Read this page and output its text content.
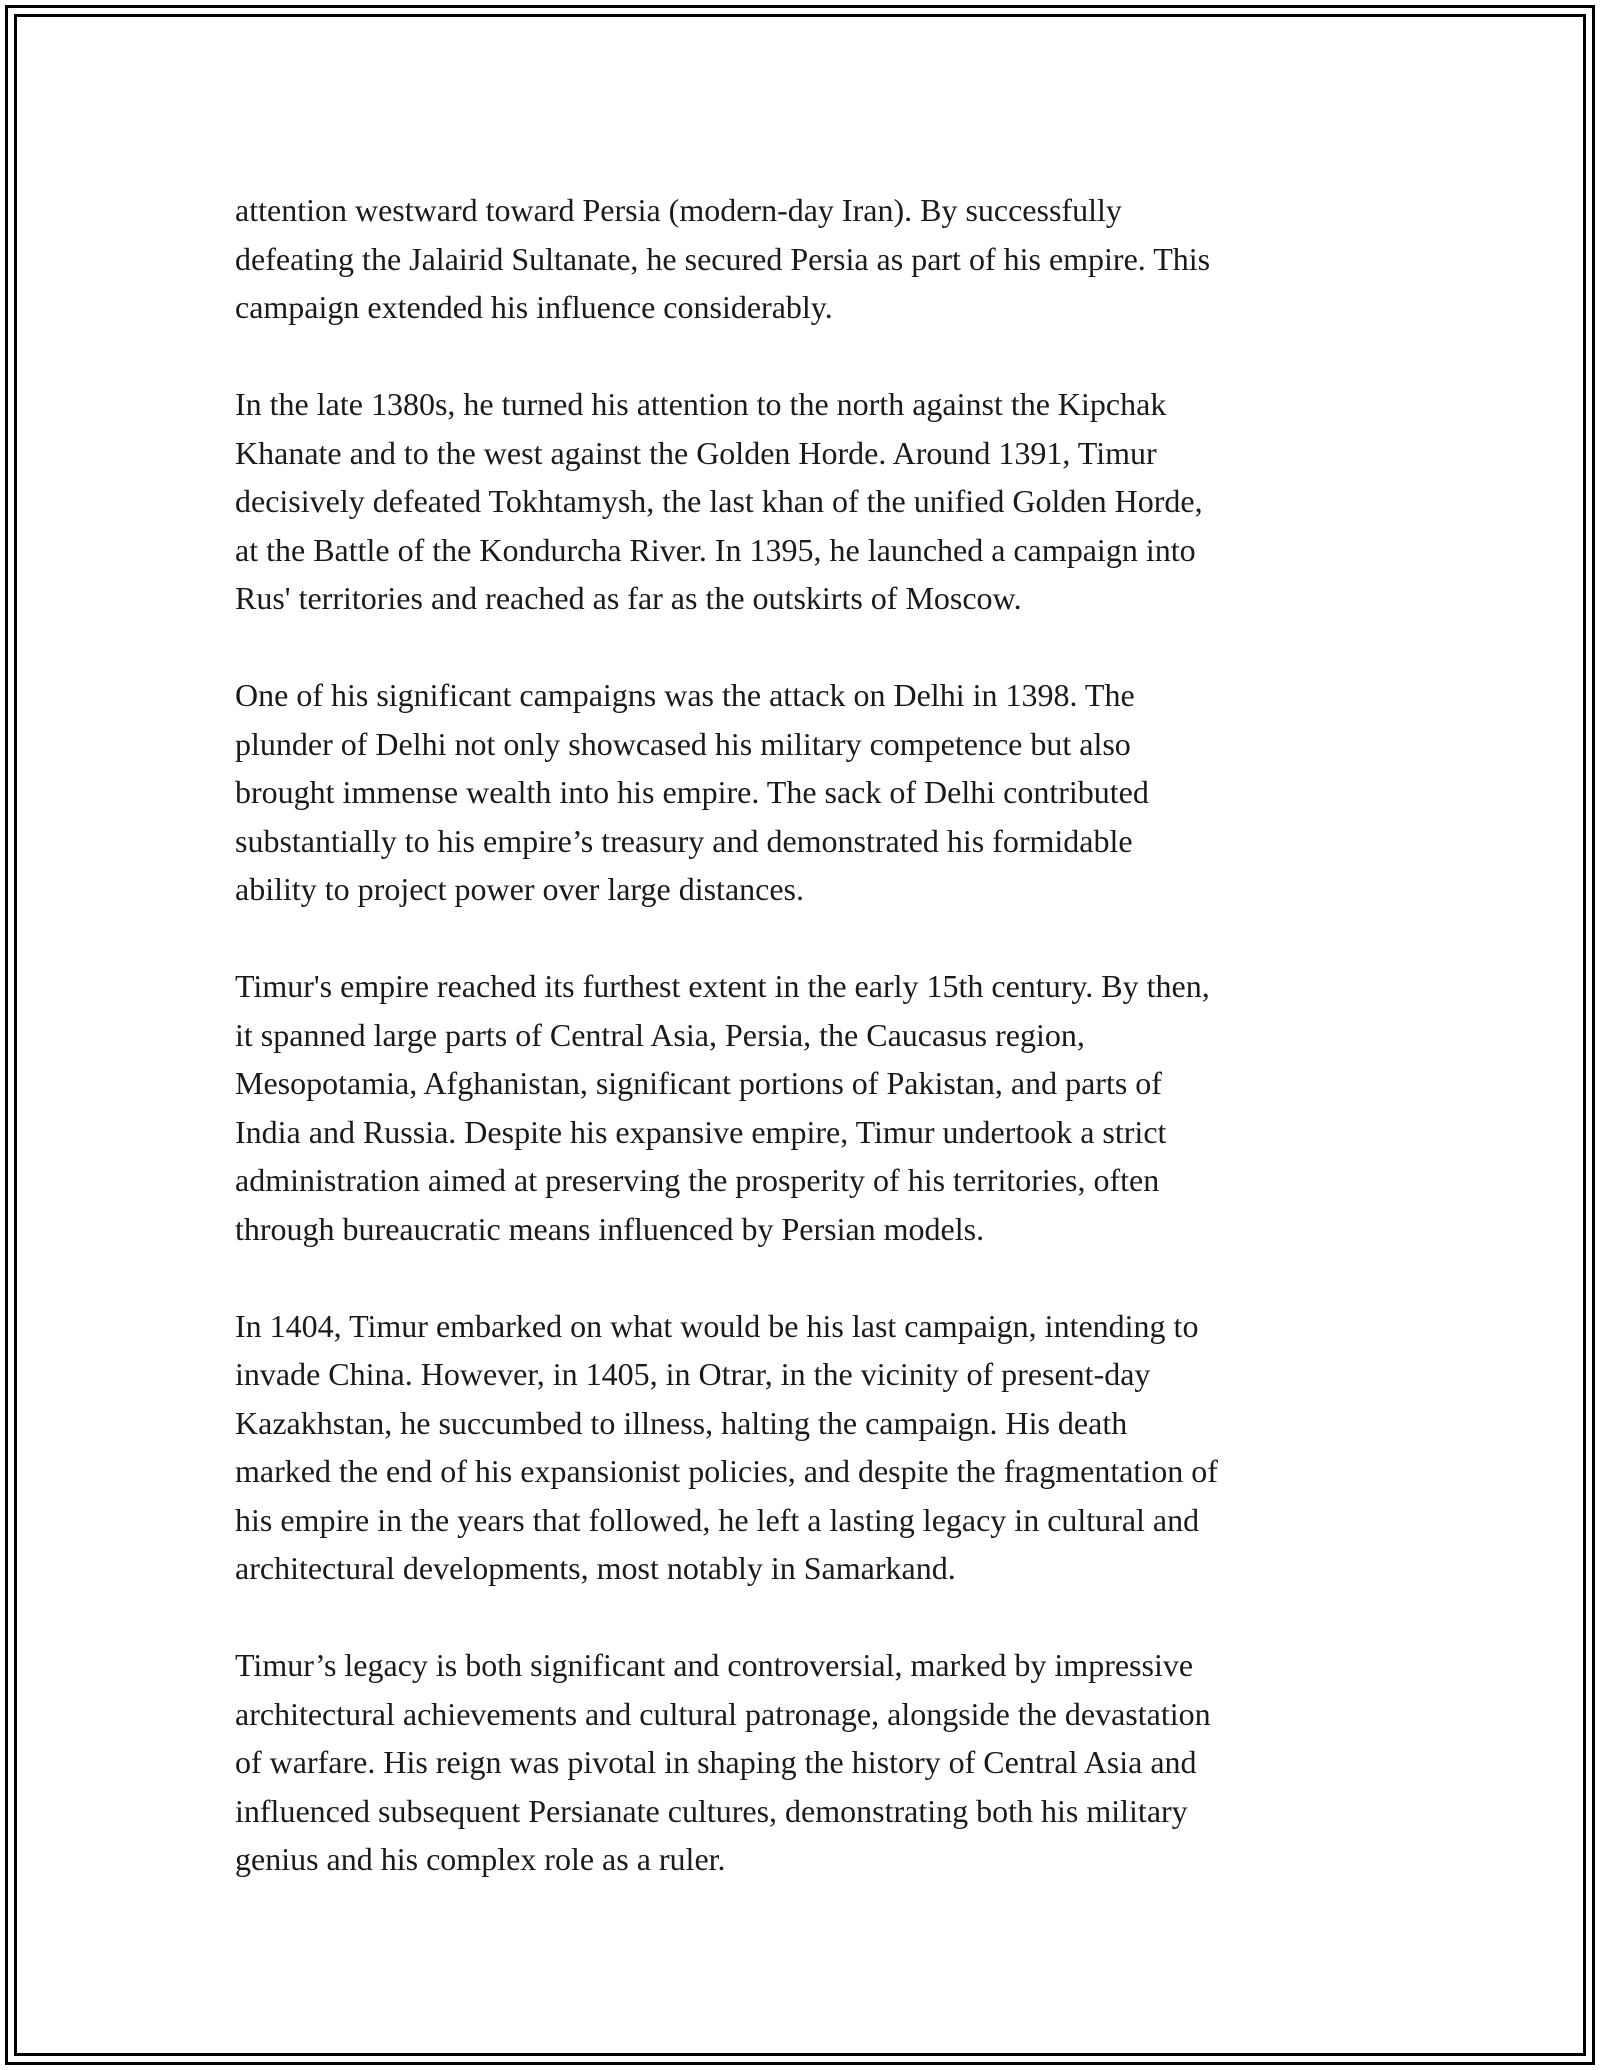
attention westward toward Persia (modern-day Iran). By successfully
defeating the Jalairid Sultanate, he secured Persia as part of his empire. This
campaign extended his influence considerably.

In the late 1380s, he turned his attention to the north against the Kipchak
Khanate and to the west against the Golden Horde. Around 1391, Timur
decisively defeated Tokhtamysh, the last khan of the unified Golden Horde,
at the Battle of the Kondurcha River. In 1395, he launched a campaign into
Rus' territories and reached as far as the outskirts of Moscow.

One of his significant campaigns was the attack on Delhi in 1398. The
plunder of Delhi not only showcased his military competence but also
brought immense wealth into his empire. The sack of Delhi contributed
substantially to his empire’s treasury and demonstrated his formidable
ability to project power over large distances.

Timur's empire reached its furthest extent in the early 15th century. By then,
it spanned large parts of Central Asia, Persia, the Caucasus region,
Mesopotamia, Afghanistan, significant portions of Pakistan, and parts of
India and Russia. Despite his expansive empire, Timur undertook a strict
administration aimed at preserving the prosperity of his territories, often
through bureaucratic means influenced by Persian models.

In 1404, Timur embarked on what would be his last campaign, intending to
invade China. However, in 1405, in Otrar, in the vicinity of present-day
Kazakhstan, he succumbed to illness, halting the campaign. His death
marked the end of his expansionist policies, and despite the fragmentation of
his empire in the years that followed, he left a lasting legacy in cultural and
architectural developments, most notably in Samarkand.

Timur’s legacy is both significant and controversial, marked by impressive
architectural achievements and cultural patronage, alongside the devastation
of warfare. His reign was pivotal in shaping the history of Central Asia and
influenced subsequent Persianate cultures, demonstrating both his military
genius and his complex role as a ruler.
